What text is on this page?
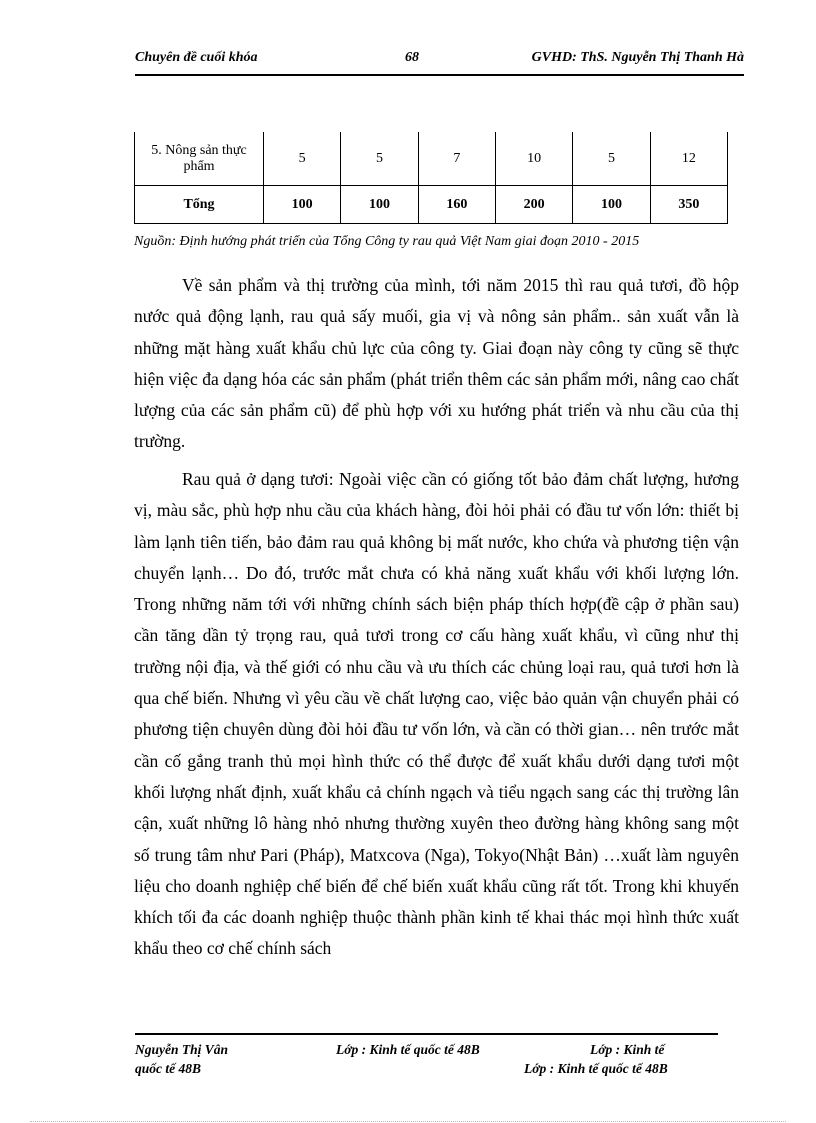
Chuyên đề cuối khóa	68	GVHD: ThS. Nguyễn Thị Thanh Hà
5. Nông sản thực phẩm	5	5	7	10	5	12
Tổng	100	100	160	200	100	350
Nguồn: Định hướng phát triển của Tổng Công ty rau quả Việt Nam giai đoạn 2010 - 2015

Về sản phẩm và thị trường của mình, tới năm 2015 thì rau quả tươi, đồ hộp nước quả động lạnh, rau quả sấy muối, gia vị và nông sản phẩm.. sản xuất vẫn là những mặt hàng xuất khẩu chủ lực của công ty. Giai đoạn này công ty cũng sẽ thực hiện việc đa dạng hóa các sản phẩm (phát triển thêm các sản phẩm mới, nâng cao chất lượng của các sản phẩm cũ) để phù hợp với xu hướng phát triển và nhu cầu của thị trường.

Rau quả ở dạng tươi: Ngoài việc cần có giống tốt bảo đảm chất lượng, hương vị, màu sắc, phù hợp nhu cầu của khách hàng, đòi hỏi phải có đầu tư vốn lớn: thiết bị làm lạnh tiên tiến, bảo đảm rau quả không bị mất nước, kho chứa và phương tiện vận chuyển lạnh… Do đó, trước mắt chưa có khả năng xuất khẩu với khối lượng lớn. Trong những năm tới với những chính sách biện pháp thích hợp(đề cập ở phần sau) cần tăng dần tỷ trọng rau, quả tươi trong cơ cấu hàng xuất khẩu, vì cũng như thị trường nội địa, và thế giới có nhu cầu và ưu thích các chủng loại rau, quả tươi hơn là qua chế biến. Nhưng vì yêu cầu về chất lượng cao, việc bảo quản vận chuyển phải có phương tiện chuyên dùng đòi hỏi đầu tư vốn lớn, và cần có thời gian… nên trước mắt cần cố gắng tranh thủ mọi hình thức có thể được để xuất khẩu dưới dạng tươi một khối lượng nhất định, xuất khẩu cả chính ngạch và tiểu ngạch sang các thị trường lân cận, xuất những lô hàng nhỏ nhưng thường xuyên theo đường hàng không sang một số trung tâm như Pari (Pháp), Matxcova (Nga), Tokyo(Nhật Bản) …xuất làm nguyên liệu cho doanh nghiệp chế biến để chế biến xuất khẩu cũng rất tốt. Trong khi khuyến khích tối đa các doanh nghiệp thuộc thành phần kinh tế khai thác mọi hình thức xuất khẩu theo cơ chế chính sách

Nguyễn Thị Vân	Lớp : Kinh tế quốc tế 48B	Lớp : Kinh tế
quốc tế 48B	Lớp : Kinh tế quốc tế 48B
